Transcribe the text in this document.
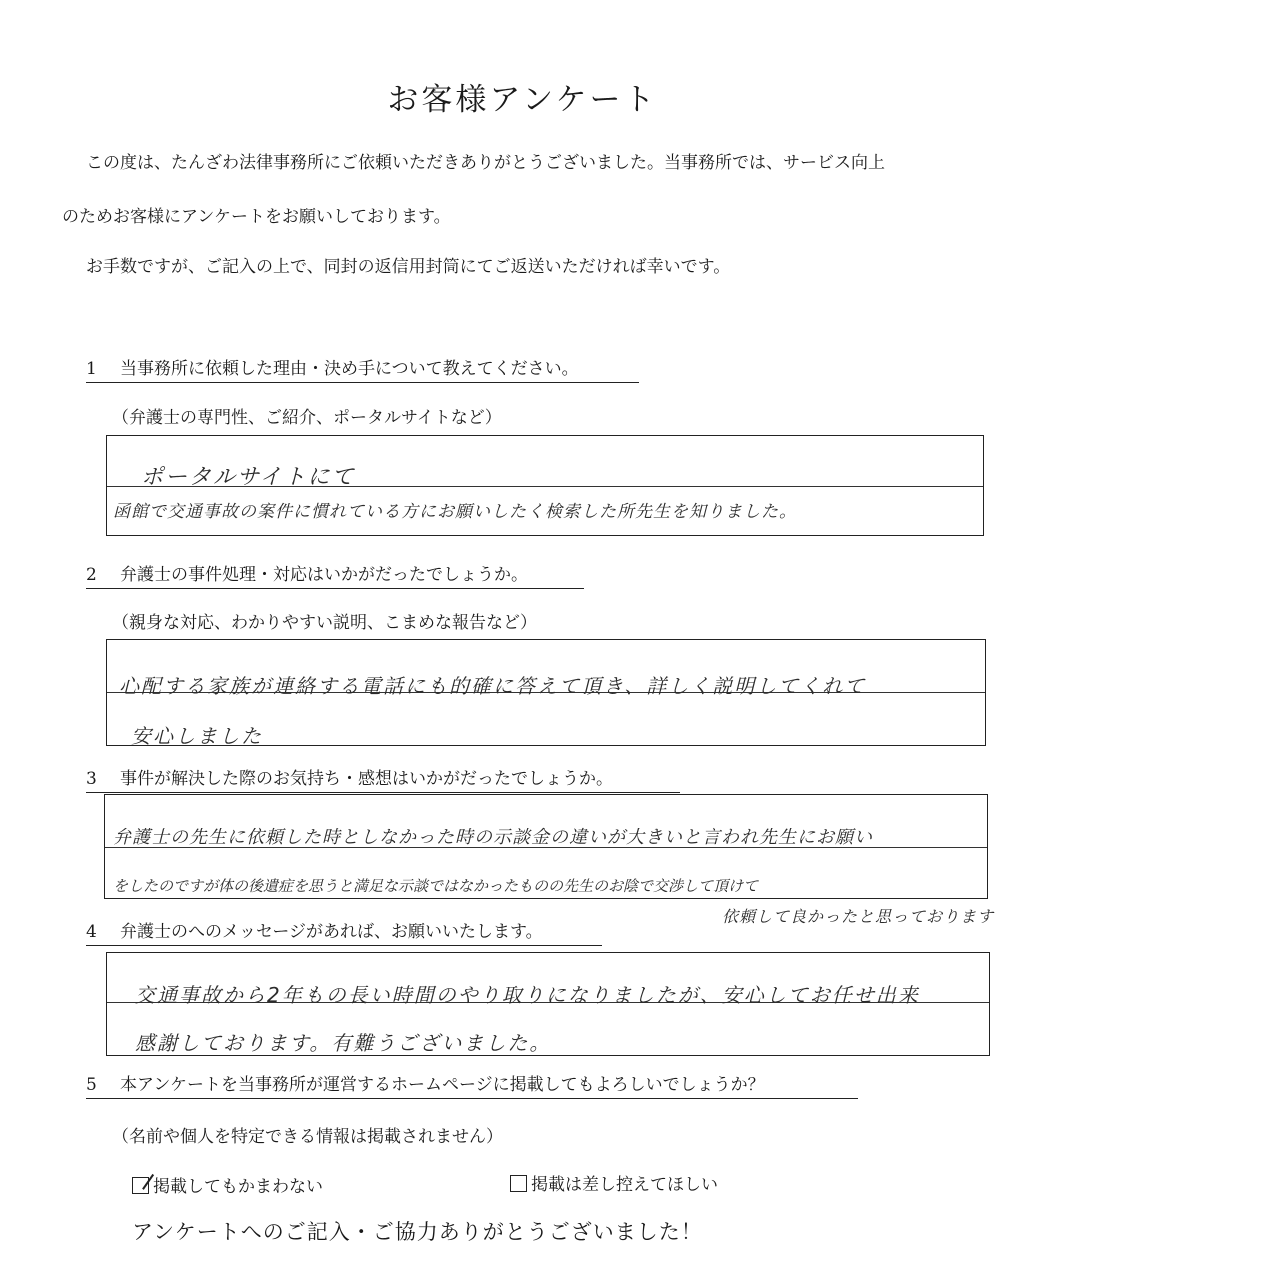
お客様アンケート
この度は、たんざわ法律事務所にご依頼いただきありがとうございました。当事務所では、サービス向上
のためお客様にアンケートをお願いしております。
お手数ですが、ご記入の上で、同封の返信用封筒にてご返送いただければ幸いです。
1 当事務所に依頼した理由・決め手について教えてください。
（弁護士の専門性、ご紹介、ポータルサイトなど）
ポータルサイトにて
函館で交通事故の案件に慣れている方にお願いしたく検索した所先生を知りました。
2 弁護士の事件処理・対応はいかがだったでしょうか。
（親身な対応、わかりやすい説明、こまめな報告など）
心配する家族が連絡する電話にも的確に答えて頂き、詳しく説明してくれて
安心しました
3 事件が解決した際のお気持ち・感想はいかがだったでしょうか。
弁護士の先生に依頼した時としなかった時の示談金の違いが大きいと言われ先生にお願い
をしたのですが体の後遺症を思うと満足な示談ではなかったものの先生のお陰で交渉して頂けて
依頼して良かったと思っております
4 弁護士のへのメッセージがあれば、お願いいたします。
交通事故から2年もの長い時間のやり取りになりましたが、安心してお任せ出来
感謝しております。有難うございました。
5 本アンケートを当事務所が運営するホームページに掲載してもよろしいでしょうか？
（名前や個人を特定できる情報は掲載されません）
掲載してもかまわない	掲載は差し控えてほしい
アンケートへのご記入・ご協力ありがとうございました！
